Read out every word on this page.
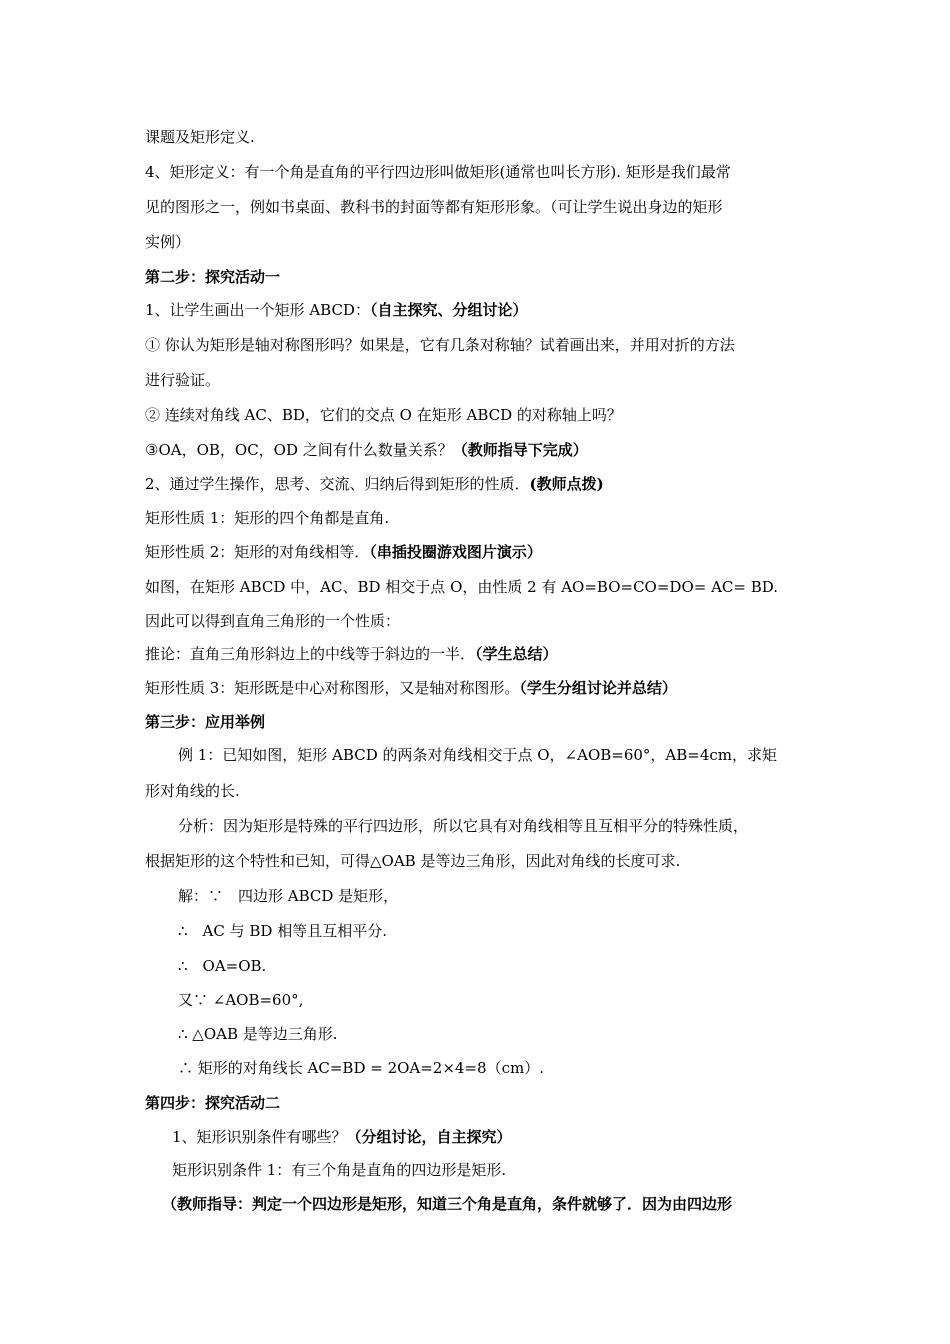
课题及矩形定义.
4、矩形定义：有一个角是直角的平行四边形叫做矩形(通常也叫长方形). 矩形是我们最常
见的图形之一，例如书桌面、教科书的封面等都有矩形形象。（可让学生说出身边的矩形
实例）
第二步：探究活动一
1、让学生画出一个矩形 ABCD：（自主探究、分组讨论）
① 你认为矩形是轴对称图形吗？如果是，它有几条对称轴？试着画出来，并用对折的方法
进行验证。
② 连续对角线 AC、BD，它们的交点 O 在矩形 ABCD 的对称轴上吗？
③OA，OB，OC，OD 之间有什么数量关系？（教师指导下完成）
2、通过学生操作，思考、交流、归纳后得到矩形的性质．(教师点拨)
矩形性质 1：矩形的四个角都是直角.
矩形性质 2：矩形的对角线相等．（串插投圈游戏图片演示）
如图，在矩形 ABCD 中，AC、BD 相交于点 O，由性质 2 有 AO=BO=CO=DO= AC= BD.
因此可以得到直角三角形的一个性质：
推论：直角三角形斜边上的中线等于斜边的一半．（学生总结）
矩形性质 3：矩形既是中心对称图形，又是轴对称图形。（学生分组讨论并总结）
第三步：应用举例
例 1：已知如图，矩形 ABCD 的两条对角线相交于点 O，∠AOB=60°，AB=4cm，求矩
形对角线的长.
分析：因为矩形是特殊的平行四边形，所以它具有对角线相等且互相平分的特殊性质，
根据矩形的这个特性和已知，可得△OAB 是等边三角形，因此对角线的长度可求.
解：∵　四边形 ABCD 是矩形，
∴　AC 与 BD 相等且互相平分.
∴　OA=OB.
又∵ ∠AOB=60°,
∴ △OAB 是等边三角形.
∴ 矩形的对角线长 AC=BD = 2OA=2×4=8（cm）.
第四步：探究活动二
1、矩形识别条件有哪些？（分组讨论，自主探究）
矩形识别条件 1：有三个角是直角的四边形是矩形.
（教师指导：判定一个四边形是矩形，知道三个角是直角，条件就够了．因为由四边形
